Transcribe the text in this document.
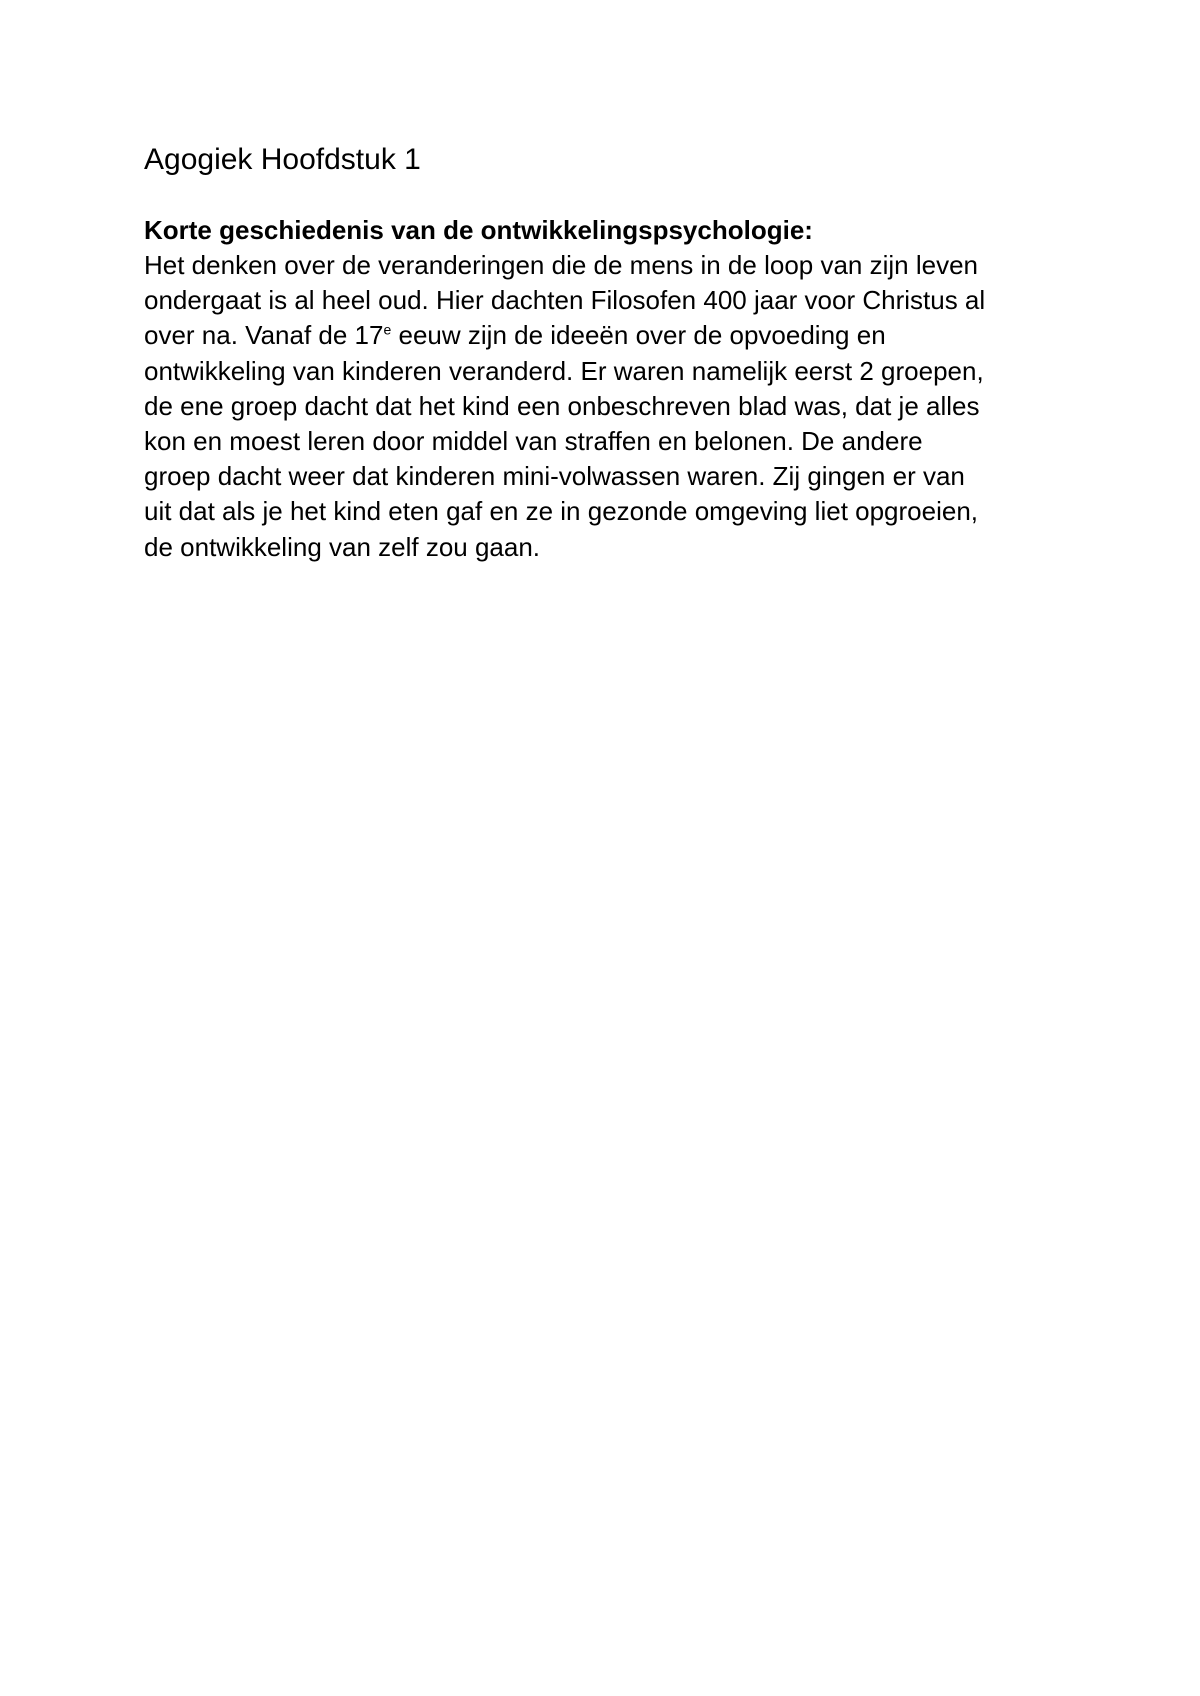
Agogiek Hoofdstuk 1
Korte geschiedenis van de ontwikkelingspsychologie:

Het denken over de veranderingen die de mens in de loop van zijn leven
ondergaat is al heel oud. Hier dachten Filosofen 400 jaar voor Christus al
over na. Vanaf de 17e eeuw zijn de ideeën over de opvoeding en
ontwikkeling van kinderen veranderd. Er waren namelijk eerst 2 groepen,
de ene groep dacht dat het kind een onbeschreven blad was, dat je alles
kon en moest leren door middel van straffen en belonen. De andere
groep dacht weer dat kinderen mini-volwassen waren. Zij gingen er van
uit dat als je het kind eten gaf en ze in gezonde omgeving liet opgroeien,
de ontwikkeling van zelf zou gaan.
